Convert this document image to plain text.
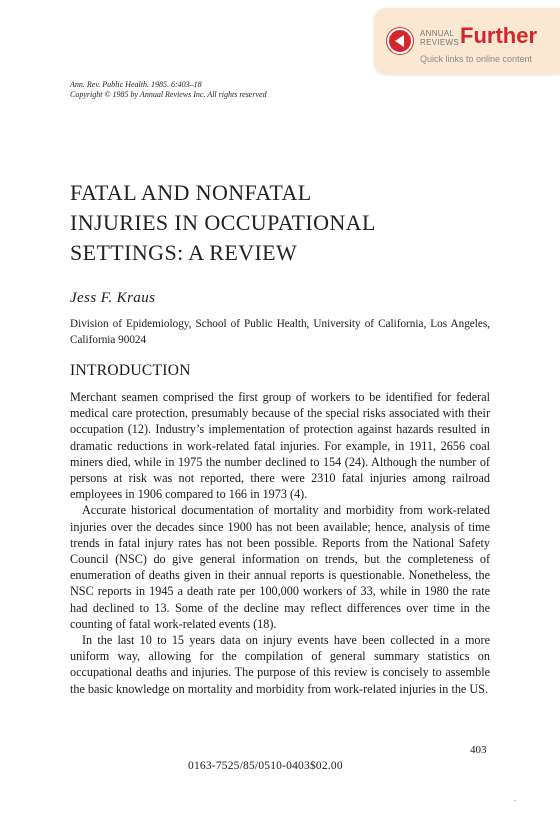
ANNUAL
REVIEWS Further
Quick links to online content
Ann. Rev. Public Health. 1985. 6:403–18
Copyright © 1985 by Annual Reviews Inc. All rights reserved
FATAL AND NONFATAL
INJURIES IN OCCUPATIONAL
SETTINGS: A REVIEW
Jess F. Kraus
Division of Epidemiology, School of Public Health, University of California, Los Angeles, California 90024
INTRODUCTION

Merchant seamen comprised the first group of workers to be identified for federal medical care protection, presumably because of the special risks associated with their occupation (12). Industry’s implementation of protection against hazards resulted in dramatic reductions in work-related fatal injuries. For example, in 1911, 2656 coal miners died, while in 1975 the number declined to 154 (24). Although the number of persons at risk was not reported, there were 2310 fatal injuries among railroad employees in 1906 compared to 166 in 1973 (4).

Accurate historical documentation of mortality and morbidity from work-related injuries over the decades since 1900 has not been available; hence, analysis of time trends in fatal injury rates has not been possible. Reports from the National Safety Council (NSC) do give general information on trends, but the completeness of enumeration of deaths given in their annual reports is questionable. Nonetheless, the NSC reports in 1945 a death rate per 100,000 workers of 33, while in 1980 the rate had declined to 13. Some of the decline may reflect differences over time in the counting of fatal work-related events (18).

In the last 10 to 15 years data on injury events have been collected in a more uniform way, allowing for the compilation of general summary statistics on occupational deaths and injuries. The purpose of this review is concisely to assemble the basic knowledge on mortality and morbidity from work-related injuries in the US.

403
0163-7525/85/0510-0403$02.00
.
